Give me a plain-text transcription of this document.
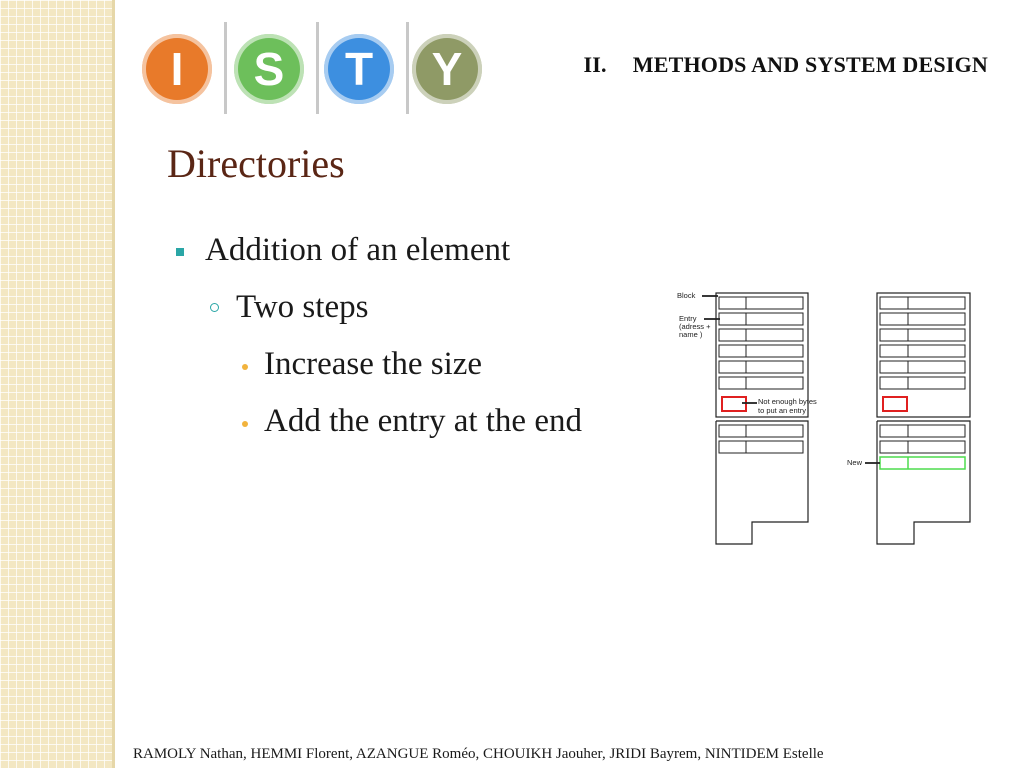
I	S	T	Y	II. METHODS AND SYSTEM DESIGN
Directories
Addition of an element
Two steps
Increase the size
Add the entry at the end
Block
Entry
(adress +
name )
Not enough bytes
to put an entry
New
RAMOLY Nathan, HEMMI Florent, AZANGUE Roméo, CHOUIKH Jaouher, JRIDI Bayrem, NINTIDEM Estelle
